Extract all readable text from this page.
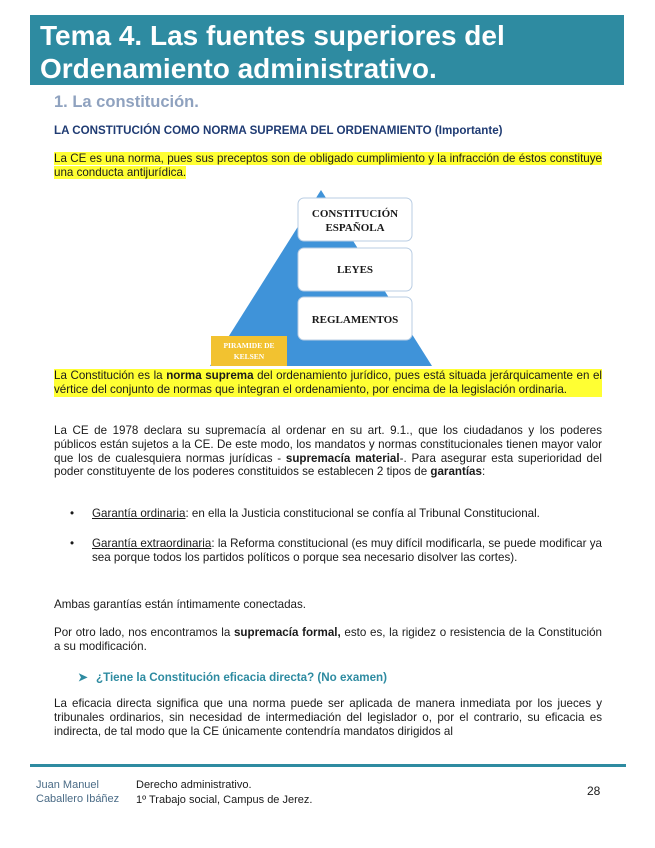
Tema 4. Las fuentes superiores del
Ordenamiento administrativo.
1. La constitución.
LA CONSTITUCIÓN COMO NORMA SUPREMA DEL ORDENAMIENTO (Importante)

La CE es una norma, pues sus preceptos son de obligado cumplimiento y la infracción de éstos constituye una conducta antijurídica.

CONSTITUCIÓN
ESPAÑOLA
LEYES
REGLAMENTOS
PIRAMIDE DE
KELSEN

La Constitución es la norma suprema del ordenamiento jurídico, pues está situada jerárquicamente en el vértice del conjunto de normas que integran el ordenamiento, por encima de la legislación ordinaria.

La CE de 1978 declara su supremacía al ordenar en su art. 9.1., que los ciudadanos y los poderes públicos están sujetos a la CE. De este modo, los mandatos y normas constitucionales tienen mayor valor que los de cualesquiera normas jurídicas - supremacía material-. Para asegurar esta superioridad del poder constituyente de los poderes constituidos se establecen 2 tipos de garantías:

• Garantía ordinaria: en ella la Justicia constitucional se confía al Tribunal Constitucional.
• Garantía extraordinaria: la Reforma constitucional (es muy difícil modificarla, se puede modificar ya sea porque todos los partidos políticos o porque sea necesario disolver las cortes).

Ambas garantías están íntimamente conectadas.

Por otro lado, nos encontramos la supremacía formal, esto es, la rigidez o resistencia de la Constitución a su modificación.

➤ ¿Tiene la Constitución eficacia directa? (No examen)

La eficacia directa significa que una norma puede ser aplicada de manera inmediata por los jueces y tribunales ordinarios, sin necesidad de intermediación del legislador o, por el contrario, su eficacia es indirecta, de tal modo que la CE únicamente contendría mandatos dirigidos al

Juan Manuel Caballero Ibáñez
Derecho administrativo.
1º Trabajo social, Campus de Jerez.
28
